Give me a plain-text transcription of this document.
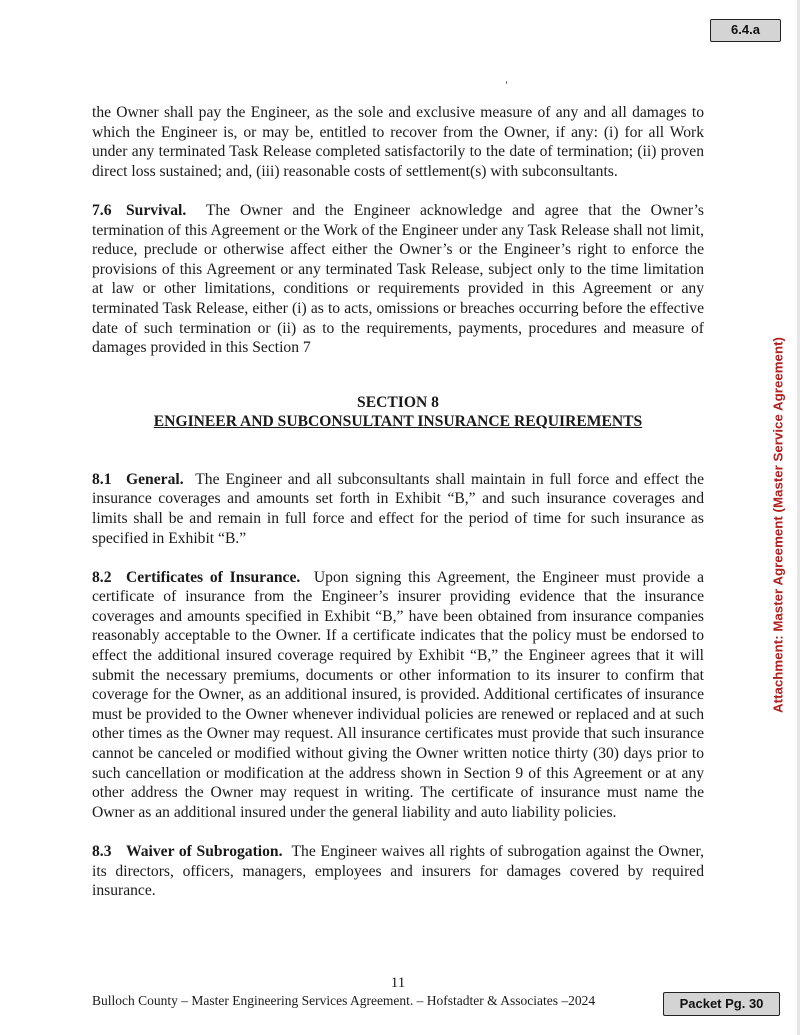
6.4.a
Attachment: Master Agreement (Master Service Agreement)

the Owner shall pay the Engineer, as the sole and exclusive measure of any and all damages to which the Engineer is, or may be, entitled to recover from the Owner, if any: (i) for all Work under any terminated Task Release completed satisfactorily to the date of termination; (ii) proven direct loss sustained; and, (iii) reasonable costs of settlement(s) with subconsultants.

7.6 Survival. The Owner and the Engineer acknowledge and agree that the Owner’s termination of this Agreement or the Work of the Engineer under any Task Release shall not limit, reduce, preclude or otherwise affect either the Owner’s or the Engineer’s right to enforce the provisions of this Agreement or any terminated Task Release, subject only to the time limitation at law or other limitations, conditions or requirements provided in this Agreement or any terminated Task Release, either (i) as to acts, omissions or breaches occurring before the effective date of such termination or (ii) as to the requirements, payments, procedures and measure of damages provided in this Section 7

SECTION 8
ENGINEER AND SUBCONSULTANT INSURANCE REQUIREMENTS

8.1 General. The Engineer and all subconsultants shall maintain in full force and effect the insurance coverages and amounts set forth in Exhibit “B,” and such insurance coverages and limits shall be and remain in full force and effect for the period of time for such insurance as specified in Exhibit “B.”

8.2 Certificates of Insurance. Upon signing this Agreement, the Engineer must provide a certificate of insurance from the Engineer’s insurer providing evidence that the insurance coverages and amounts specified in Exhibit “B,” have been obtained from insurance companies reasonably acceptable to the Owner. If a certificate indicates that the policy must be endorsed to effect the additional insured coverage required by Exhibit “B,” the Engineer agrees that it will submit the necessary premiums, documents or other information to its insurer to confirm that coverage for the Owner, as an additional insured, is provided. Additional certificates of insurance must be provided to the Owner whenever individual policies are renewed or replaced and at such other times as the Owner may request. All insurance certificates must provide that such insurance cannot be canceled or modified without giving the Owner written notice thirty (30) days prior to such cancellation or modification at the address shown in Section 9 of this Agreement or at any other address the Owner may request in writing. The certificate of insurance must name the Owner as an additional insured under the general liability and auto liability policies.

8.3 Waiver of Subrogation. The Engineer waives all rights of subrogation against the Owner, its directors, officers, managers, employees and insurers for damages covered by required insurance.

11
Bulloch County – Master Engineering Services Agreement. – Hofstadter & Associates –2024	Packet Pg. 30
